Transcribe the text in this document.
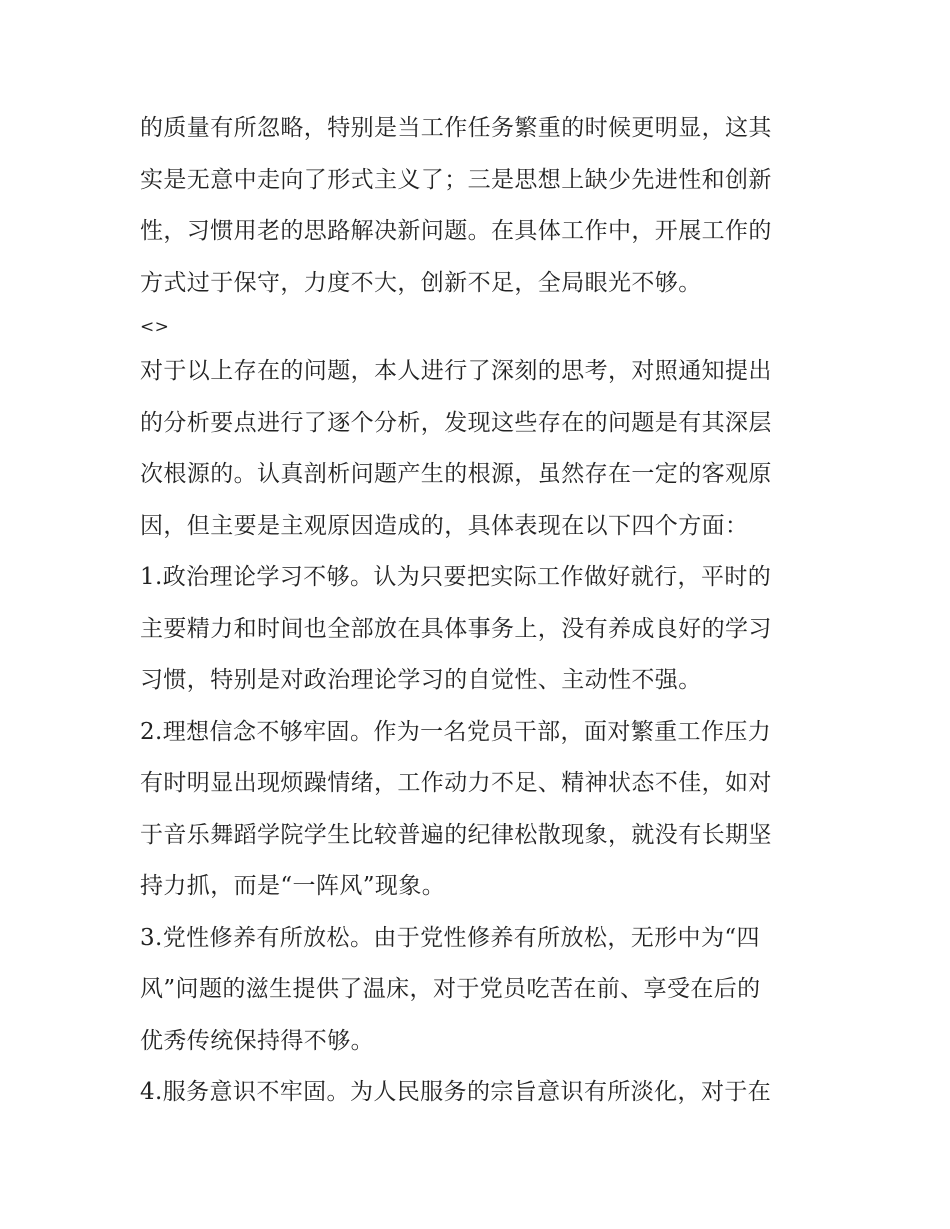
的质量有所忽略，特别是当工作任务繁重的时候更明显，这其
实是无意中走向了形式主义了；三是思想上缺少先进性和创新
性，习惯用老的思路解决新问题。在具体工作中，开展工作的
方式过于保守，力度不大，创新不足，全局眼光不够。
<>
对于以上存在的问题，本人进行了深刻的思考，对照通知提出
的分析要点进行了逐个分析，发现这些存在的问题是有其深层
次根源的。认真剖析问题产生的根源，虽然存在一定的客观原
因，但主要是主观原因造成的，具体表现在以下四个方面：
1.政治理论学习不够。认为只要把实际工作做好就行，平时的
主要精力和时间也全部放在具体事务上，没有养成良好的学习
习惯，特别是对政治理论学习的自觉性、主动性不强。
2.理想信念不够牢固。作为一名党员干部，面对繁重工作压力
有时明显出现烦躁情绪，工作动力不足、精神状态不佳，如对
于音乐舞蹈学院学生比较普遍的纪律松散现象，就没有长期坚
持力抓，而是“一阵风”现象。
3.党性修养有所放松。由于党性修养有所放松，无形中为“四
风”问题的滋生提供了温床，对于党员吃苦在前、享受在后的
优秀传统保持得不够。
4.服务意识不牢固。为人民服务的宗旨意识有所淡化，对于在
